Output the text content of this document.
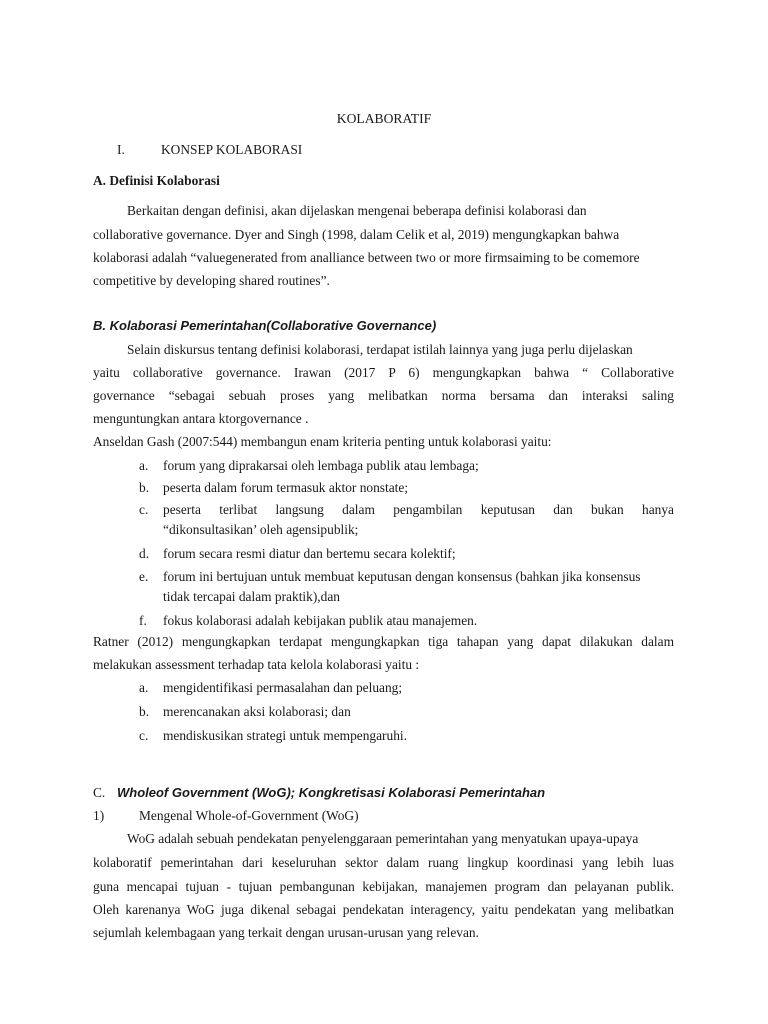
KOLABORATIF
I.	KONSEP KOLABORASI
A. Definisi Kolaborasi
Berkaitan dengan definisi, akan dijelaskan mengenai beberapa definisi kolaborasi dan
collaborative governance. Dyer and Singh (1998, dalam Celik et al, 2019) mengungkapkan bahwa
kolaborasi adalah “valuegenerated from analliance between two or more firmsaiming to be comemore
competitive by developing shared routines”.
B. Kolaborasi Pemerintahan(Collaborative Governance)
Selain diskursus tentang definisi kolaborasi, terdapat istilah lainnya yang juga perlu dijelaskan
yaitu collaborative governance. Irawan (2017 P 6) mengungkapkan bahwa “ Collaborative
governance “sebagai sebuah proses yang melibatkan norma bersama dan interaksi saling
menguntungkan antara ktorgovernance .
Anseldan Gash (2007:544) membangun enam kriteria penting untuk kolaborasi yaitu:
a. forum yang diprakarsai oleh lembaga publik atau lembaga;
b. peserta dalam forum termasuk aktor nonstate;
c. peserta terlibat langsung dalam pengambilan keputusan dan bukan hanya
“dikonsultasikan’ oleh agensipublik;
d. forum secara resmi diatur dan bertemu secara kolektif;
e. forum ini bertujuan untuk membuat keputusan dengan konsensus (bahkan jika konsensus
tidak tercapai dalam praktik),dan
f. fokus kolaborasi adalah kebijakan publik atau manajemen.
Ratner (2012) mengungkapkan terdapat mengungkapkan tiga tahapan yang dapat dilakukan dalam
melakukan assessment terhadap tata kelola kolaborasi yaitu :
a. mengidentifikasi permasalahan dan peluang;
b. merencanakan aksi kolaborasi; dan
c. mendiskusikan strategi untuk mempengaruhi.
C. Wholeof Government (WoG); Kongkretisasi Kolaborasi Pemerintahan
1)	Mengenal Whole-of-Government (WoG)
WoG adalah sebuah pendekatan penyelenggaraan pemerintahan yang menyatukan upaya-upaya
kolaboratif pemerintahan dari keseluruhan sektor dalam ruang lingkup koordinasi yang lebih luas
guna mencapai tujuan - tujuan pembangunan kebijakan, manajemen program dan pelayanan publik.
Oleh karenanya WoG juga dikenal sebagai pendekatan interagency, yaitu pendekatan yang melibatkan
sejumlah kelembagaan yang terkait dengan urusan-urusan yang relevan.
